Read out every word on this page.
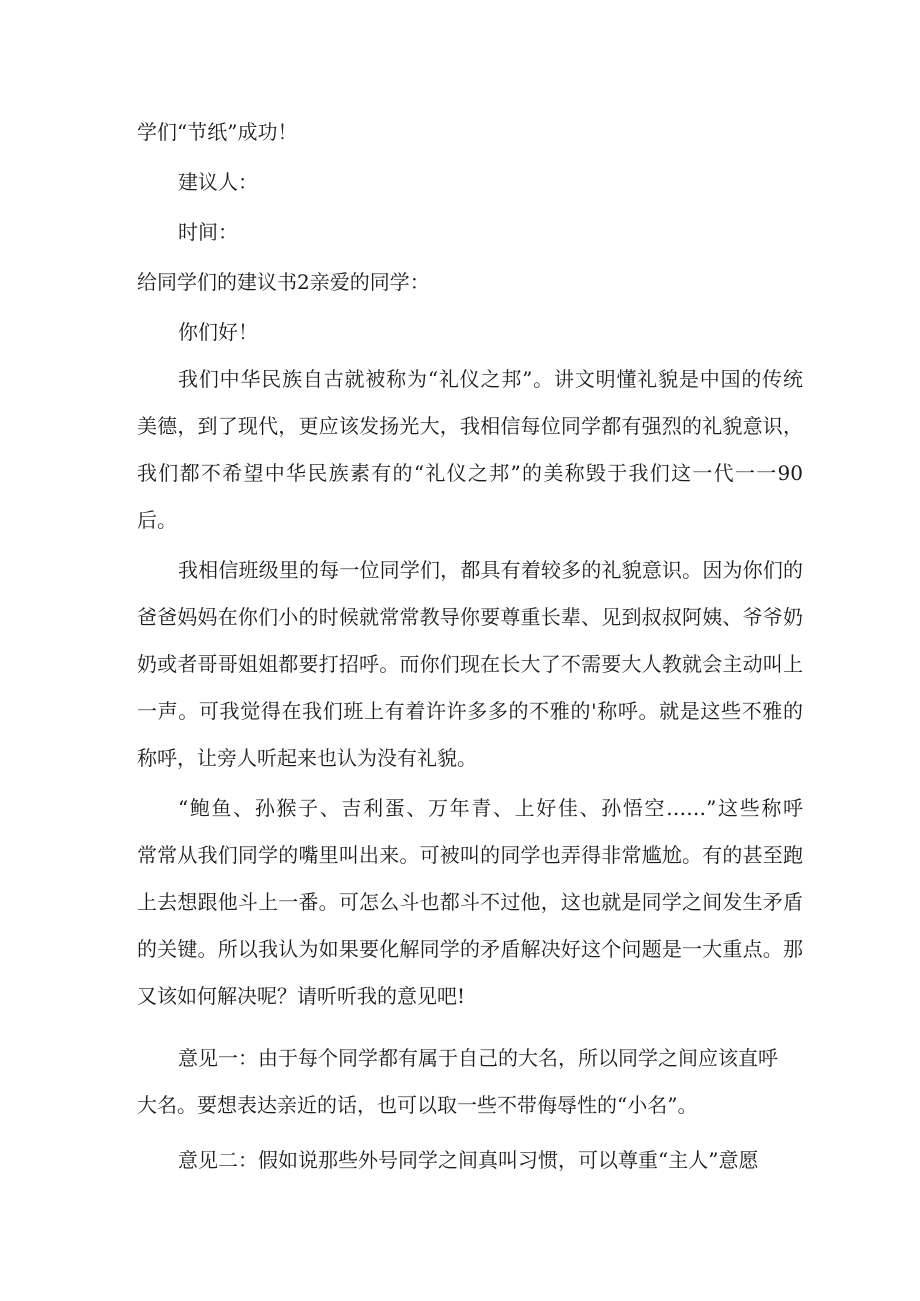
学们“节纸”成功！
建议人：
时间：
给同学们的建议书2亲爱的同学：
你们好！
我们中华民族自古就被称为“礼仪之邦”。讲文明懂礼貌是中国的传统
美德，到了现代，更应该发扬光大，我相信每位同学都有强烈的礼貌意识，
我们都不希望中华民族素有的“礼仪之邦”的美称毁于我们这一代一一90
后。
我相信班级里的每一位同学们，都具有着较多的礼貌意识。因为你们的
爸爸妈妈在你们小的时候就常常教导你要尊重长辈、见到叔叔阿姨、爷爷奶
奶或者哥哥姐姐都要打招呼。而你们现在长大了不需要大人教就会主动叫上
一声。可我觉得在我们班上有着许许多多的不雅的'称呼。就是这些不雅的
称呼，让旁人听起来也认为没有礼貌。
“鲍鱼、孙猴子、吉利蛋、万年青、上好佳、孙悟空……”这些称呼
常常从我们同学的嘴里叫出来。可被叫的同学也弄得非常尴尬。有的甚至跑
上去想跟他斗上一番。可怎么斗也都斗不过他，这也就是同学之间发生矛盾
的关键。所以我认为如果要化解同学的矛盾解决好这个问题是一大重点。那
又该如何解决呢？请听听我的意见吧!
意见一：由于每个同学都有属于自己的大名，所以同学之间应该直呼
大名。要想表达亲近的话，也可以取一些不带侮辱性的“小名”。
意见二：假如说那些外号同学之间真叫习惯，可以尊重“主人”意愿
